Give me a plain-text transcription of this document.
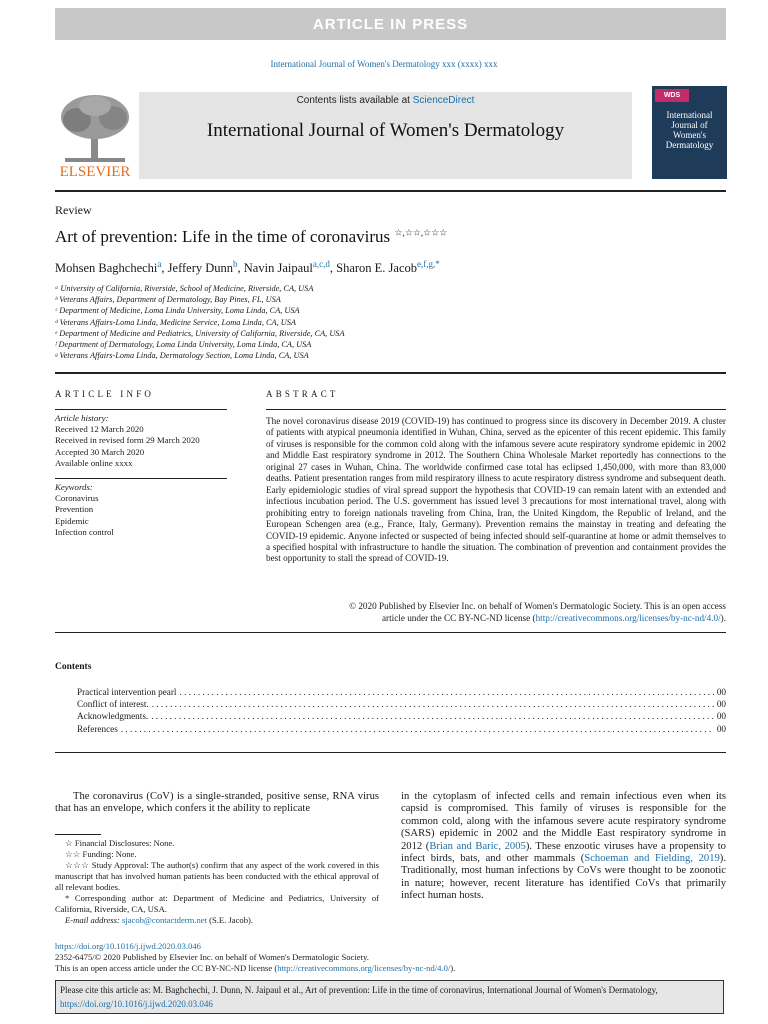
ARTICLE IN PRESS
International Journal of Women's Dermatology xxx (xxxx) xxx
ELSEVIER
Contents lists available at ScienceDirect
International Journal of Women's Dermatology
WDS
International
Journal of
Women's
Dermatology
Review
Art of prevention: Life in the time of coronavirus ☆,☆☆,☆☆☆
Mohsen Baghchechi$^a$, Jeffery Dunn$^b$, Navin Jaipaul$^{a,c,d}$, Sharon E. Jacob$^{e,f,g,*}$
ᵃ University of California, Riverside, School of Medicine, Riverside, CA, USA
ᵇ Veterans Affairs, Department of Dermatology, Bay Pines, FL, USA
ᶜ Department of Medicine, Loma Linda University, Loma Linda, CA, USA
ᵈ Veterans Affairs-Loma Linda, Medicine Service, Loma Linda, CA, USA
ᵉ Department of Medicine and Pediatrics, University of California, Riverside, CA, USA
ᶠ Department of Dermatology, Loma Linda University, Loma Linda, CA, USA
ᵍ Veterans Affairs-Loma Linda, Dermatology Section, Loma Linda, CA, USA
ARTICLE INFO
Article history:
Received 12 March 2020
Received in revised form 29 March 2020
Accepted 30 March 2020
Available online xxxx
Keywords:
Coronavirus
Prevention
Epidemic
Infection control
ABSTRACT
The novel coronavirus disease 2019 (COVID-19) has continued to progress since its discovery in December 2019. A cluster of patients with atypical pneumonia identified in Wuhan, China, served as the epicenter of this recent epidemic. This family of viruses is responsible for the common cold along with the infamous severe acute respiratory syndrome epidemic in 2002 and Middle East respiratory syndrome in 2012. The Southern China Wholesale Market reportedly has connections to the original 27 cases in Wuhan, China. The worldwide confirmed case total has eclipsed 1,450,000, with more than 83,000 deaths. Patient presentation ranges from mild respiratory illness to acute respiratory distress syndrome and subsequent death. Early epidemiologic studies of viral spread support the hypothesis that COVID-19 can remain latent with an extended and infectious incubation period. The U.S. government has issued level 3 precautions for most international travel, along with prohibiting entry to foreign nationals traveling from China, Iran, the United Kingdom, the Republic of Ireland, and the European Schengen area (e.g., France, Italy, Germany). Prevention remains the mainstay in treating and defeating the COVID-19 epidemic. Anyone infected or suspected of being infected should self-quarantine at home or admit themselves to a specified hospital with infrastructure to handle the situation. The combination of prevention and containment provides the best opportunity to stall the spread of COVID-19.
© 2020 Published by Elsevier Inc. on behalf of Women's Dermatologic Society. This is an open access
article under the CC BY-NC-ND license (http://creativecommons.org/licenses/by-nc-nd/4.0/).
Contents
Practical intervention pearl . . .	00
Conflict of interest. . . .	00
Acknowledgments. . . .	00
References . . .	00
The coronavirus (CoV) is a single-stranded, positive sense, RNA virus that has an envelope, which confers it the ability to replicate
in the cytoplasm of infected cells and remain infectious even when its capsid is compromised. This family of viruses is responsible for the common cold, along with the infamous severe acute respiratory syndrome (SARS) epidemic in 2002 and the Middle East respiratory syndrome in 2012 (Brian and Baric, 2005). These enzootic viruses have a propensity to infect birds, bats, and other mammals (Schoeman and Fielding, 2019). Traditionally, most human infections by CoVs were thought to be zoonotic in nature; however, recent literature has identified CoVs that primarily infect human hosts.
☆ Financial Disclosures: None.
☆☆ Funding: None.
☆☆☆ Study Approval: The author(s) confirm that any aspect of the work covered in this manuscript that has involved human patients has been conducted with the ethical approval of all relevant bodies.
* Corresponding author at: Department of Medicine and Pediatrics, University of California, Riverside, CA, USA.
E-mail address: sjacob@contactderm.net (S.E. Jacob).
https://doi.org/10.1016/j.ijwd.2020.03.046
2352-6475/© 2020 Published by Elsevier Inc. on behalf of Women's Dermatologic Society.
This is an open access article under the CC BY-NC-ND license (http://creativecommons.org/licenses/by-nc-nd/4.0/).
Please cite this article as: M. Baghchechi, J. Dunn, N. Jaipaul et al., Art of prevention: Life in the time of coronavirus, International Journal of Women's Dermatology, https://doi.org/10.1016/j.ijwd.2020.03.046
